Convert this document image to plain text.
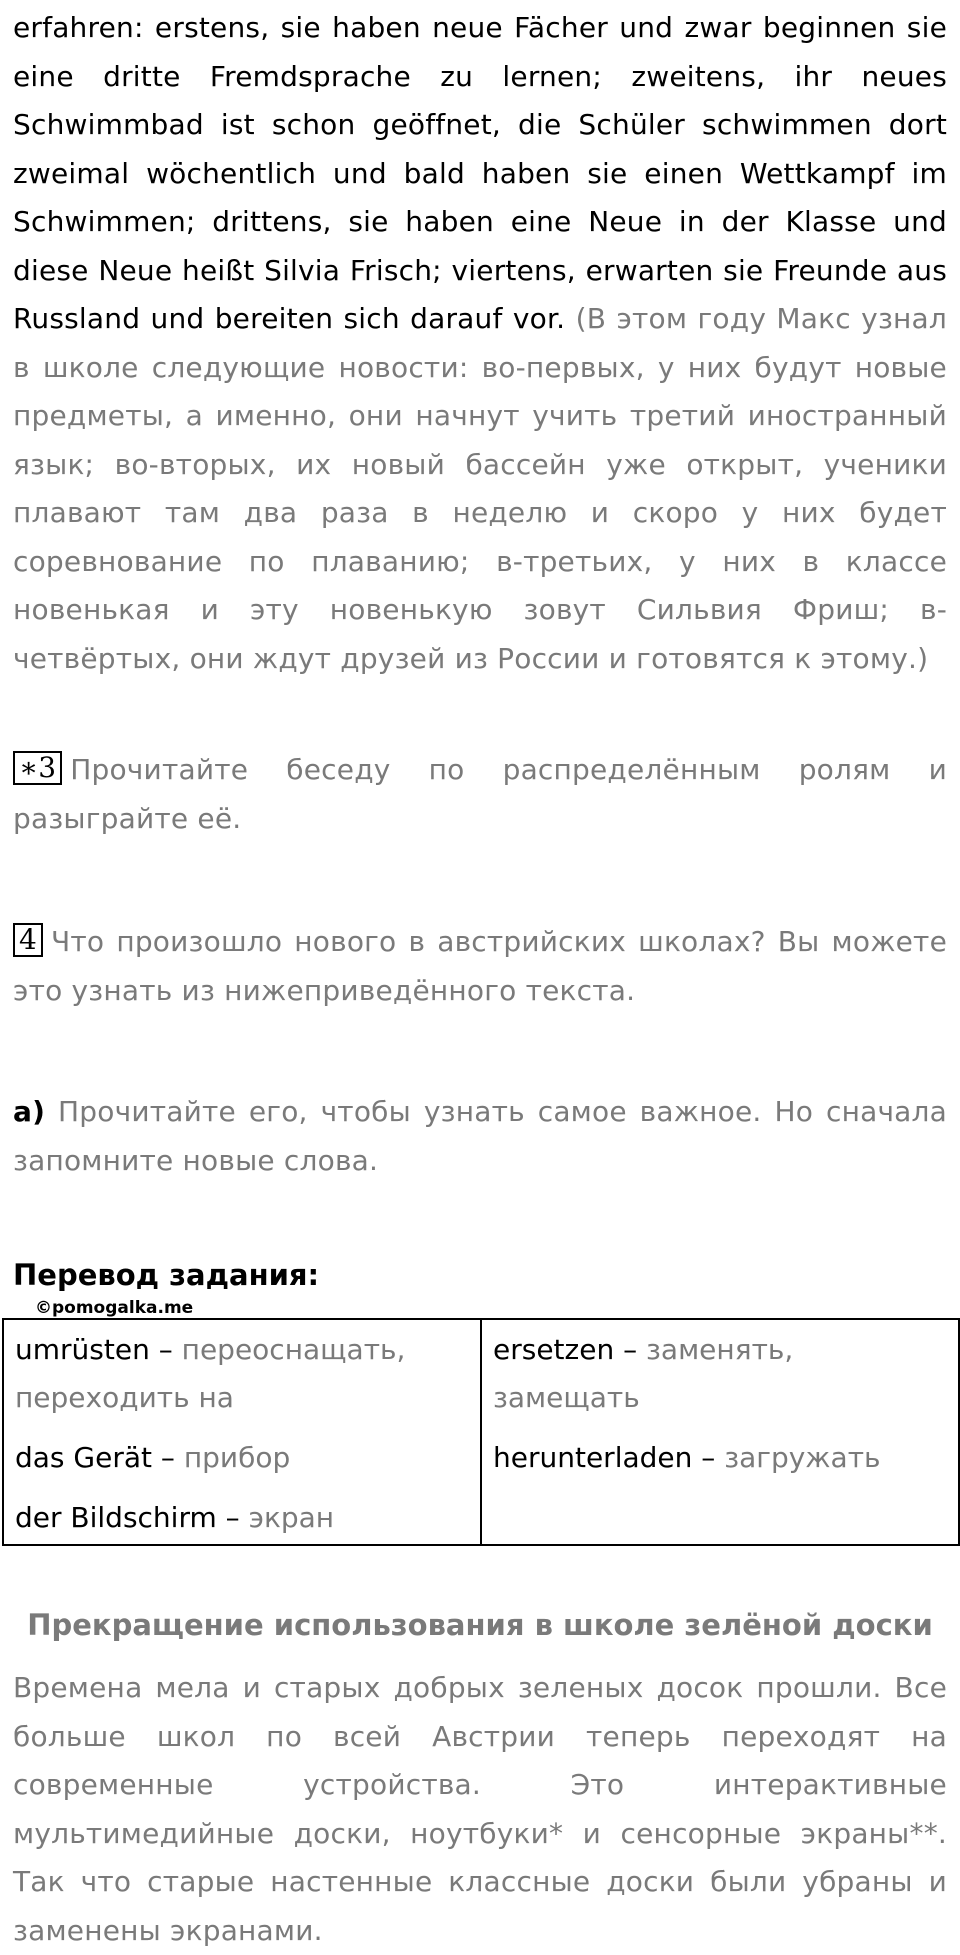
erfahren: erstens, sie haben neue Fächer und zwar beginnen sie eine dritte Fremdsprache zu lernen; zweitens, ihr neues Schwimmbad ist schon geöffnet, die Schüler schwimmen dort zweimal wöchentlich und bald haben sie einen Wettkampf im Schwimmen; drittens, sie haben eine Neue in der Klasse und diese Neue heißt Silvia Frisch; viertens, erwarten sie Freunde aus Russland und bereiten sich darauf vor. (В этом году Макс узнал в школе следующие новости: во-первых, у них будут новые предметы, а именно, они начнут учить третий иностранный язык; во-вторых, их новый бассейн уже открыт, ученики плавают там два раза в неделю и скоро у них будет соревнование по плаванию; в-третьих, у них в классе новенькая и эту новенькую зовут Сильвия Фриш; в-четвёртых, они ждут друзей из России и готовятся к этому.)

∗3 Прочитайте беседу по распределённым ролям и разыграйте её.

4 Что произошло нового в австрийских школах? Вы можете это узнать из нижеприведённого текста.

а) Прочитайте его, чтобы узнать самое важное. Но сначала запомните новые слова.

Перевод задания:
©pomogalka.me
umrüsten – переоснащать, переходить на
das Gerät – прибор
der Bildschirm – экран

ersetzen – заменять, замещать
herunterladen – загружать
Прекращение использования в школе зелёной доски

Времена мела и старых добрых зеленых досок прошли. Все больше школ по всей Австрии теперь переходят на современные устройства. Это интерактивные мультимедийные доски, ноутбуки* и сенсорные экраны**. Так что старые настенные классные доски были убраны и заменены экранами.
